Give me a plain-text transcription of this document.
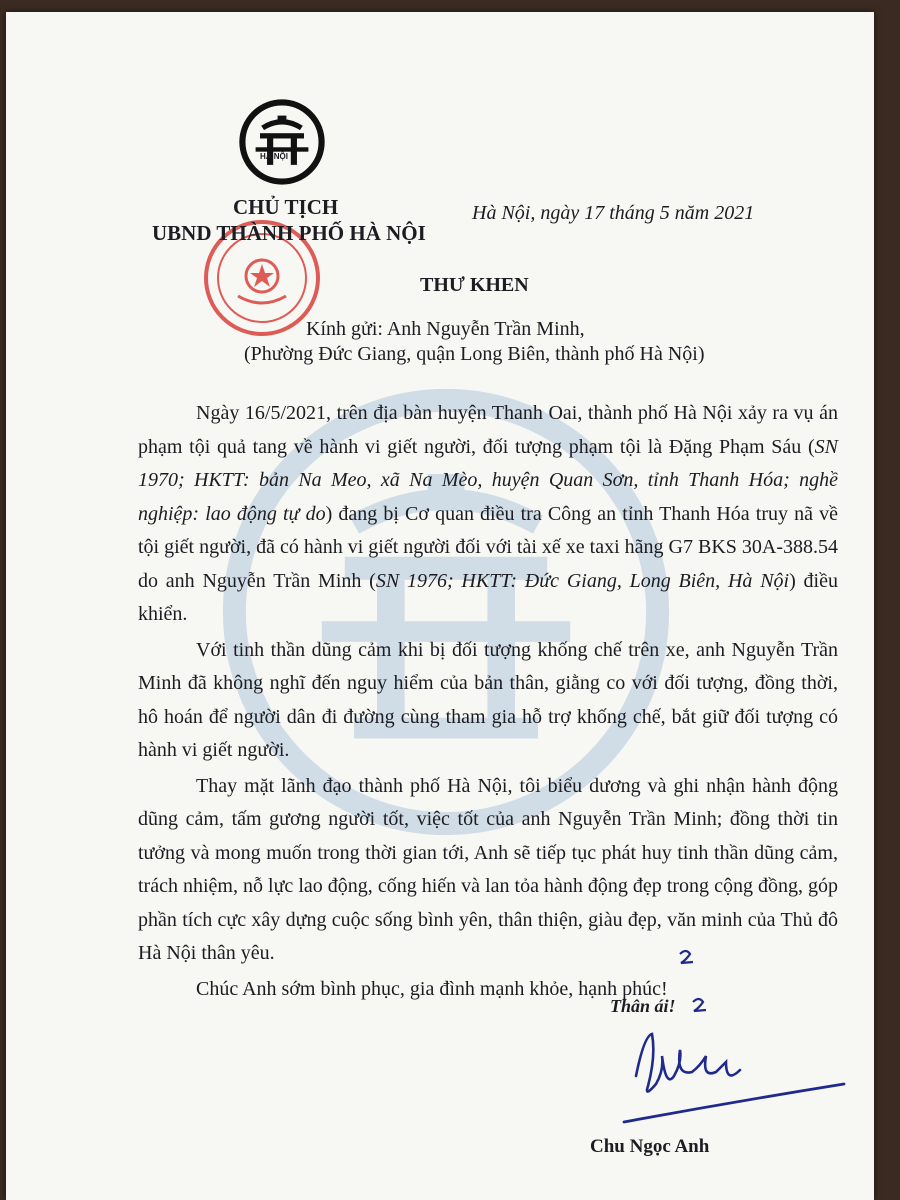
HÀ NỘI
CHỦ TỊCH
UBND THÀNH PHỐ HÀ NỘI
Hà Nội, ngày 17 tháng 5 năm 2021
THƯ KHEN
Kính gửi: Anh Nguyễn Trần Minh,
(Phường Đức Giang, quận Long Biên, thành phố Hà Nội)

Ngày 16/5/2021, trên địa bàn huyện Thanh Oai, thành phố Hà Nội xảy ra vụ án phạm tội quả tang về hành vi giết người, đối tượng phạm tội là Đặng Phạm Sáu (SN 1970; HKTT: bản Na Meo, xã Na Mèo, huyện Quan Sơn, tỉnh Thanh Hóa; nghề nghiệp: lao động tự do) đang bị Cơ quan điều tra Công an tỉnh Thanh Hóa truy nã về tội giết người, đã có hành vi giết người đối với tài xế xe taxi hãng G7 BKS 30A-388.54 do anh Nguyễn Trần Minh (SN 1976; HKTT: Đức Giang, Long Biên, Hà Nội) điều khiển.

Với tinh thần dũng cảm khi bị đối tượng khống chế trên xe, anh Nguyễn Trần Minh đã không nghĩ đến nguy hiểm của bản thân, giằng co với đối tượng, đồng thời, hô hoán để người dân đi đường cùng tham gia hỗ trợ khống chế, bắt giữ đối tượng có hành vi giết người.

Thay mặt lãnh đạo thành phố Hà Nội, tôi biểu dương và ghi nhận hành động dũng cảm, tấm gương người tốt, việc tốt của anh Nguyễn Trần Minh; đồng thời tin tưởng và mong muốn trong thời gian tới, Anh sẽ tiếp tục phát huy tinh thần dũng cảm, trách nhiệm, nỗ lực lao động, cống hiến và lan tỏa hành động đẹp trong cộng đồng, góp phần tích cực xây dựng cuộc sống bình yên, thân thiện, giàu đẹp, văn minh của Thủ đô Hà Nội thân yêu.

Chúc Anh sớm bình phục, gia đình mạnh khỏe, hạnh phúc!

Thân ái!
Chu Ngọc Anh
